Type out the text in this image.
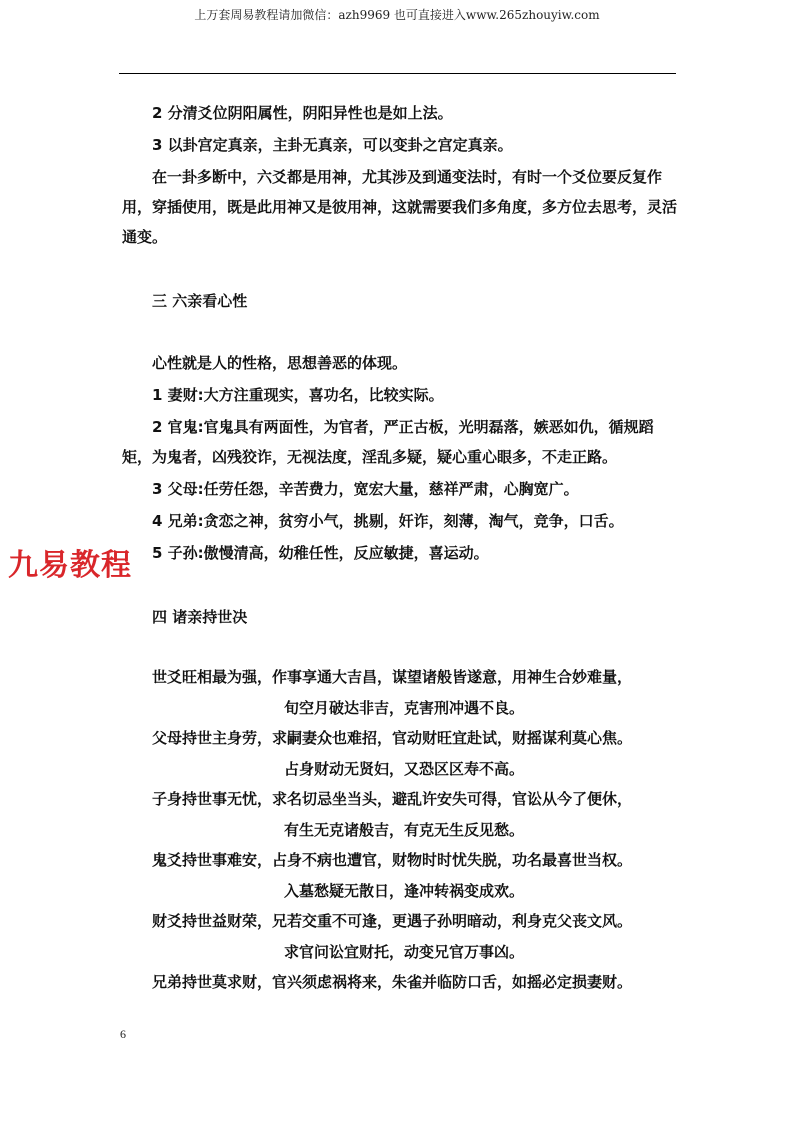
上万套周易教程请加微信：azh9969 也可直接进入www.265zhouyiw.com
2 分清爻位阴阳属性，阴阳异性也是如上法。
3 以卦宫定真亲，主卦无真亲，可以变卦之宫定真亲。
在一卦多断中，六爻都是用神，尤其涉及到通变法时，有时一个爻位要反复作用，穿插使用，既是此用神又是彼用神，这就需要我们多角度，多方位去思考，灵活通变。
三 六亲看心性
心性就是人的性格，思想善恶的体现。
1 妻财:大方注重现实，喜功名，比较实际。
2 官鬼:官鬼具有两面性，为官者，严正古板，光明磊落，嫉恶如仇，循规蹈矩，为鬼者，凶残狡诈，无视法度，淫乱多疑，疑心重心眼多，不走正路。
3 父母:任劳任怨，辛苦费力，宽宏大量，慈祥严肃，心胸宽广。
4 兄弟:贪恋之神，贫穷小气，挑剔，奸诈，刻薄，淘气，竞争，口舌。
5 子孙:傲慢清高，幼稚任性，反应敏捷，喜运动。
四 诸亲持世决
世爻旺相最为强，作事享通大吉昌，谋望诸般皆遂意，用神生合妙难量，
旬空月破达非吉，克害刑冲遇不良。
父母持世主身劳，求嗣妻众也难招，官动财旺宜赴试，财摇谋利莫心焦。
占身财动无贤妇，又恐区区寿不高。
子身持世事无忧，求名切忌坐当头，避乱许安失可得，官讼从今了便休，
有生无克诸般吉，有克无生反见愁。
鬼爻持世事难安，占身不病也遭官，财物时时忧失脱，功名最喜世当权。
入墓愁疑无散日，逢冲转祸变成欢。
财爻持世益财荣，兄若交重不可逢，更遇子孙明暗动，利身克父丧文风。
求官问讼宜财托，动变兄官万事凶。
兄弟持世莫求财，官兴须虑祸将来，朱雀并临防口舌，如摇必定损妻财。
九易教程
6
